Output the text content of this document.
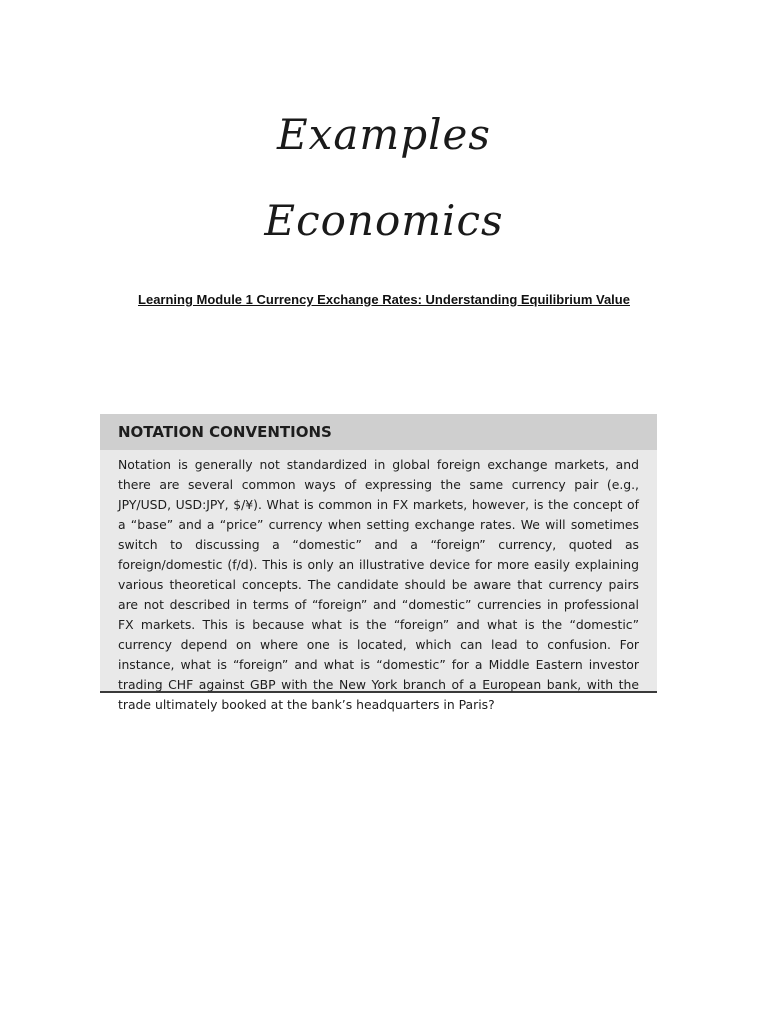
Examples
Economics
Learning Module 1 Currency Exchange Rates: Understanding Equilibrium Value
NOTATION CONVENTIONS

Notation is generally not standardized in global foreign exchange markets, and there are several common ways of expressing the same currency pair (e.g., JPY/USD, USD:JPY, $/¥). What is common in FX markets, however, is the concept of a “base” and a “price” currency when setting exchange rates. We will sometimes switch to discussing a “domestic” and a “foreign” currency, quoted as foreign/domestic (f/d). This is only an illustrative device for more easily explaining various theoretical concepts. The candidate should be aware that currency pairs are not described in terms of “foreign” and “domestic” currencies in professional FX markets. This is because what is the “foreign” and what is the “domestic” currency depend on where one is located, which can lead to confusion. For instance, what is “foreign” and what is “domestic” for a Middle Eastern investor trading CHF against GBP with the New York branch of a European bank, with the trade ultimately booked at the bank’s headquarters in Paris?
